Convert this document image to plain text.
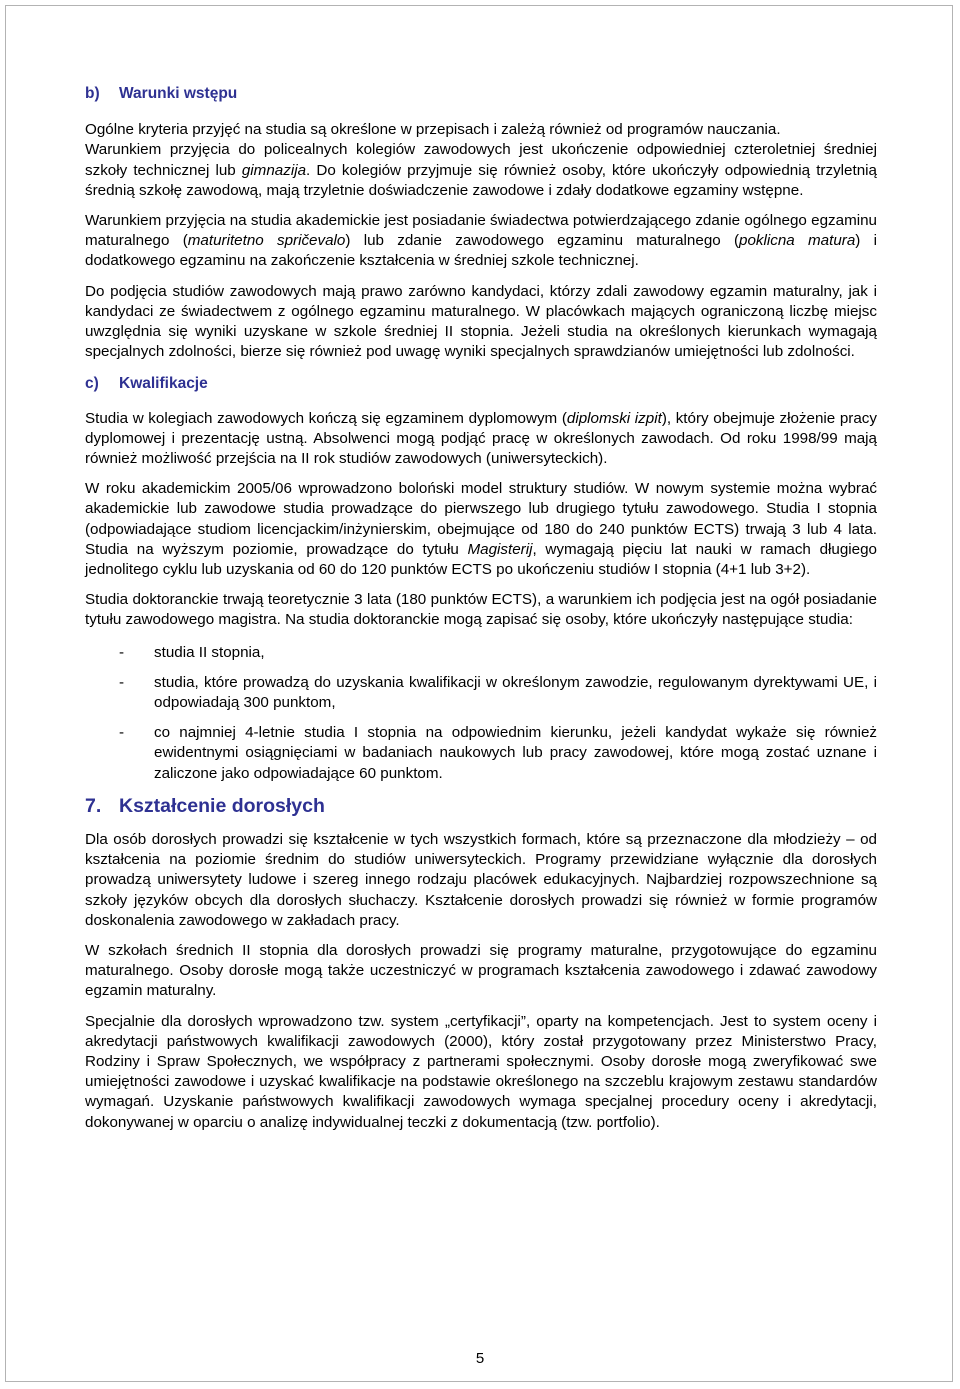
b) Warunki wstępu

Ogólne kryteria przyjęć na studia są określone w przepisach i zależą również od programów nauczania.

Warunkiem przyjęcia do policealnych kolegiów zawodowych jest ukończenie odpowiedniej czteroletniej średniej szkoły technicznej lub gimnazija. Do kolegiów przyjmuje się również osoby, które ukończyły odpowiednią trzyletnią średnią szkołę zawodową, mają trzyletnie doświadczenie zawodowe i zdały dodatkowe egzaminy wstępne.

Warunkiem przyjęcia na studia akademickie jest posiadanie świadectwa potwierdzającego zdanie ogólnego egzaminu maturalnego (maturitetno spričevalo) lub zdanie zawodowego egzaminu maturalnego (poklicna matura) i dodatkowego egzaminu na zakończenie kształcenia w średniej szkole technicznej.

Do podjęcia studiów zawodowych mają prawo zarówno kandydaci, którzy zdali zawodowy egzamin maturalny, jak i kandydaci ze świadectwem z ogólnego egzaminu maturalnego. W placówkach mających ograniczoną liczbę miejsc uwzględnia się wyniki uzyskane w szkole średniej II stopnia. Jeżeli studia na określonych kierunkach wymagają specjalnych zdolności, bierze się również pod uwagę wyniki specjalnych sprawdzianów umiejętności lub zdolności.

c) Kwalifikacje

Studia w kolegiach zawodowych kończą się egzaminem dyplomowym (diplomski izpit), który obejmuje złożenie pracy dyplomowej i prezentację ustną. Absolwenci mogą podjąć pracę w określonych zawodach. Od roku 1998/99 mają również możliwość przejścia na II rok studiów zawodowych (uniwersyteckich).

W roku akademickim 2005/06 wprowadzono boloński model struktury studiów. W nowym systemie można wybrać akademickie lub zawodowe studia prowadzące do pierwszego lub drugiego tytułu zawodowego. Studia I stopnia (odpowiadające studiom licencjackim/inżynierskim, obejmujące od 180 do 240 punktów ECTS) trwają 3 lub 4 lata. Studia na wyższym poziomie, prowadzące do tytułu Magisterij, wymagają pięciu lat nauki w ramach długiego jednolitego cyklu lub uzyskania od 60 do 120 punktów ECTS po ukończeniu studiów I stopnia (4+1 lub 3+2).

Studia doktoranckie trwają teoretycznie 3 lata (180 punktów ECTS), a warunkiem ich podjęcia jest na ogół posiadanie tytułu zawodowego magistra. Na studia doktoranckie mogą zapisać się osoby, które ukończyły następujące studia:

- studia II stopnia,
- studia, które prowadzą do uzyskania kwalifikacji w określonym zawodzie, regulowanym dyrektywami UE, i odpowiadają 300 punktom,
- co najmniej 4-letnie studia I stopnia na odpowiednim kierunku, jeżeli kandydat wykaże się również ewidentnymi osiągnięciami w badaniach naukowych lub pracy zawodowej, które mogą zostać uznane i zaliczone jako odpowiadające 60 punktom.
7. Kształcenie dorosłych

Dla osób dorosłych prowadzi się kształcenie w tych wszystkich formach, które są przeznaczone dla młodzieży – od kształcenia na poziomie średnim do studiów uniwersyteckich. Programy przewidziane wyłącznie dla dorosłych prowadzą uniwersytety ludowe i szereg innego rodzaju placówek edukacyjnych. Najbardziej rozpowszechnione są szkoły języków obcych dla dorosłych słuchaczy. Kształcenie dorosłych prowadzi się również w formie programów doskonalenia zawodowego w zakładach pracy.

W szkołach średnich II stopnia dla dorosłych prowadzi się programy maturalne, przygotowujące do egzaminu maturalnego. Osoby dorosłe mogą także uczestniczyć w programach kształcenia zawodowego i zdawać zawodowy egzamin maturalny.

Specjalnie dla dorosłych wprowadzono tzw. system „certyfikacji”, oparty na kompetencjach. Jest to system oceny i akredytacji państwowych kwalifikacji zawodowych (2000), który został przygotowany przez Ministerstwo Pracy, Rodziny i Spraw Społecznych, we współpracy z partnerami społecznymi. Osoby dorosłe mogą zweryfikować swe umiejętności zawodowe i uzyskać kwalifikacje na podstawie określonego na szczeblu krajowym zestawu standardów wymagań. Uzyskanie państwowych kwalifikacji zawodowych wymaga specjalnej procedury oceny i akredytacji, dokonywanej w oparciu o analizę indywidualnej teczki z dokumentacją (tzw. portfolio).

5
